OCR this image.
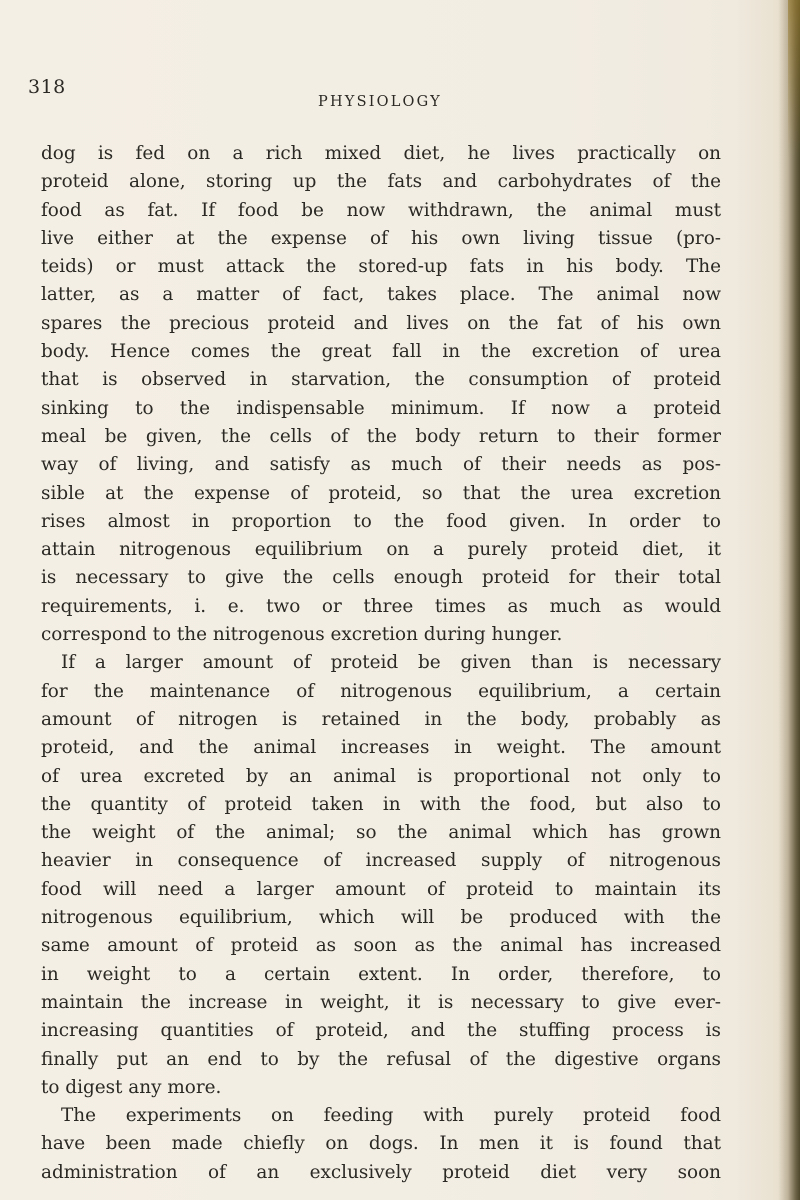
318
PHYSIOLOGY
dog is fed on a rich mixed diet, he lives practically on
proteid alone, storing up the fats and carbohydrates of the
food as fat. If food be now withdrawn, the animal must
live either at the expense of his own living tissue (pro-
teids) or must attack the stored-up fats in his body. The
latter, as a matter of fact, takes place. The animal now
spares the precious proteid and lives on the fat of his own
body. Hence comes the great fall in the excretion of urea
that is observed in starvation, the consumption of proteid
sinking to the indispensable minimum. If now a proteid
meal be given, the cells of the body return to their former
way of living, and satisfy as much of their needs as pos-
sible at the expense of proteid, so that the urea excretion
rises almost in proportion to the food given. In order to
attain nitrogenous equilibrium on a purely proteid diet, it
is necessary to give the cells enough proteid for their total
requirements, i. e. two or three times as much as would
correspond to the nitrogenous excretion during hunger.
If a larger amount of proteid be given than is necessary
for the maintenance of nitrogenous equilibrium, a certain
amount of nitrogen is retained in the body, probably as
proteid, and the animal increases in weight. The amount
of urea excreted by an animal is proportional not only to
the quantity of proteid taken in with the food, but also to
the weight of the animal; so the animal which has grown
heavier in consequence of increased supply of nitrogenous
food will need a larger amount of proteid to maintain its
nitrogenous equilibrium, which will be produced with the
same amount of proteid as soon as the animal has increased
in weight to a certain extent. In order, therefore, to
maintain the increase in weight, it is necessary to give ever-
increasing quantities of proteid, and the stuffing process is
finally put an end to by the refusal of the digestive organs
to digest any more.
The experiments on feeding with purely proteid food
have been made chiefly on dogs. In men it is found that
administration of an exclusively proteid diet very soon
